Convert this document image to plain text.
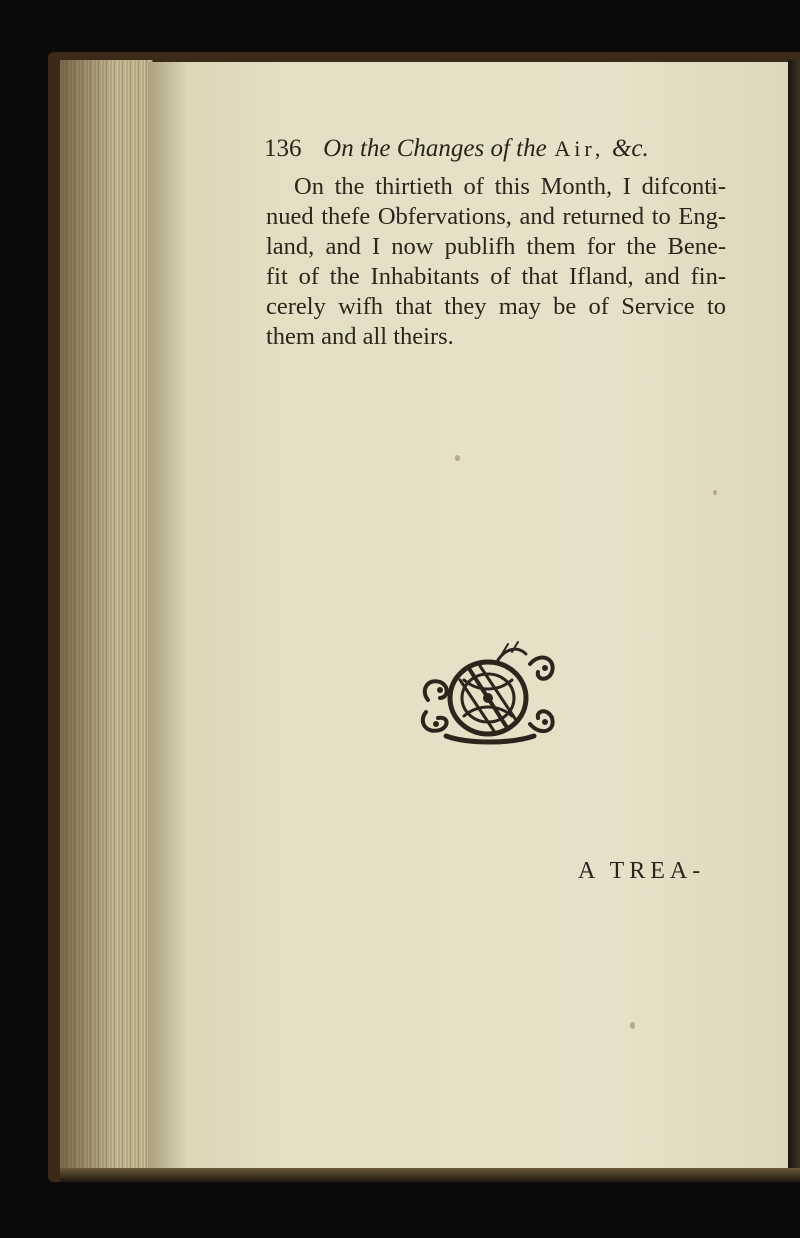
136 On the Changes of the Air, &c.
On the thirtieth of this Month, I difconti-
nued thefe Obfervations, and returned to Eng-
land, and I now publifh them for the Bene-
fit of the Inhabitants of that Ifland, and fin-
cerely wifh that they may be of Service to
them and all theirs.
A TREA-
